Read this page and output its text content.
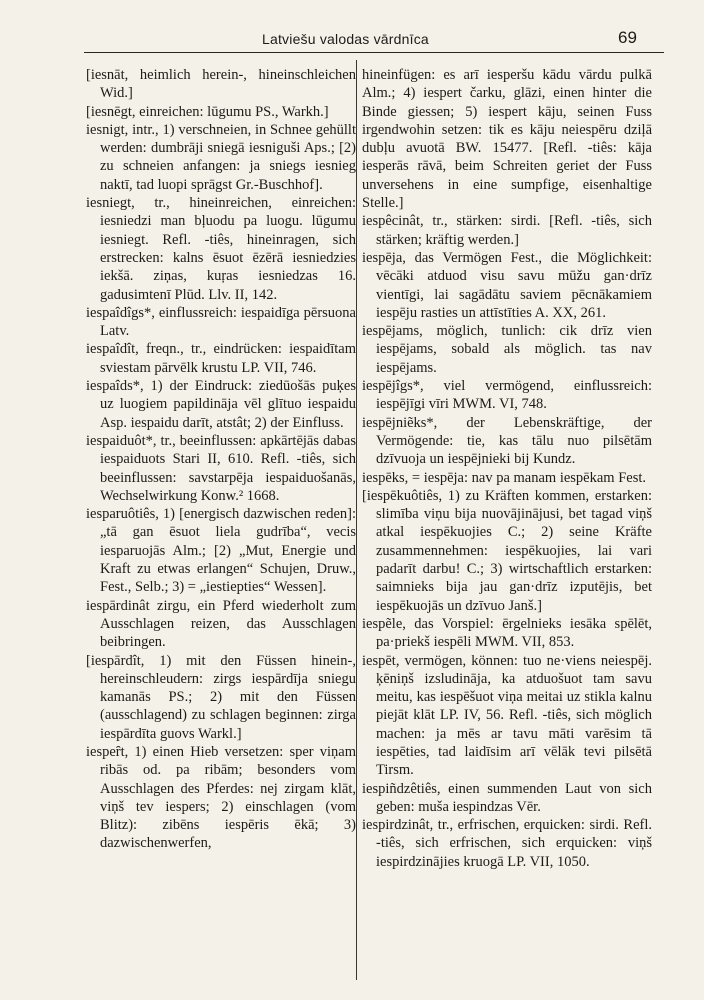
Latviešu valodas vārdnīca	69

[iesnāt, heimlich herein-, hineinschleichen Wid.]

[iesnēgt, einreichen: lūgumu PS., Warkh.]

iesnigt, intr., 1) verschneien, in Schnee gehüllt werden: dumbrāji sniegā iesniguši Aps.; [2) zu schneien anfangen: ja sniegs iesnieg naktī, tad luopi sprāgst Gr.-Buschhof].

iesniegt, tr., hineinreichen, einreichen: iesniedzi man bļuodu pa luogu. lūgumu iesniegt. Refl. -tiês, hineinragen, sich erstrecken: kalns ēsuot ēzērā iesniedzies iekšā. ziņas, kuŗas iesniedzas 16. gadusimtenī Plūd. Llv. II, 142.

iespaîdîgs*, einflussreich: iespaidīga pērsuona Latv.

iespaîdît, freqn., tr., eindrücken: iespaidītam sviestam pārvēlk krustu LP. VII, 746.

iespaîds*, 1) der Eindruck: ziedūošās puķes uz luogiem papildināja vēl glītuo iespaidu Asp. iespaidu darīt, atstât; 2) der Einfluss.

iespaiduôt*, tr., beeinflussen: apkārtējās dabas iespaiduots Stari II, 610. Refl. -tiês, sich beeinflussen: savstarpēja iespaiduošanās, Wechselwirkung Konw.² 1668.

iesparuôtiês, 1) [energisch dazwischen reden]: „tā gan ēsuot liela gudrība“, vecis iesparuojās Alm.; [2) „Mut, Energie und Kraft zu etwas erlangen“ Schujen, Druw., Fest., Selb.; 3) = „iestiepties“ Wessen].

iespārdinât zirgu, ein Pferd wiederholt zum Ausschlagen reizen, das Ausschlagen beibringen.

[iespārdît, 1) mit den Füssen hinein-, hereinschleudern: zirgs iespārdīja sniegu kamanās PS.; 2) mit den Füssen (ausschlagend) zu schlagen beginnen: zirga iespārdīta guovs Warkl.]

iespeȓt, 1) einen Hieb versetzen: sper viņam ribās od. pa ribām; besonders vom Ausschlagen des Pferdes: nej zirgam klāt, viņš tev iespers; 2) einschlagen (vom Blitz): zibēns iespēris ēkā; 3) dazwischenwerfen,

hineinfügen: es arī iesperšu kādu vārdu pulkā Alm.; 4) iespert čarku, glāzi, einen hinter die Binde giessen; 5) iespert kāju, seinen Fuss irgendwohin setzen: tik es kāju neiespēru dziļā dubļu avuotā BW. 15477. [Refl. -tiês: kāja iesperās rāvā, beim Schreiten geriet der Fuss unversehens in eine sumpfige, eisenhaltige Stelle.]

iespêcinât, tr., stärken: sirdi. [Refl. -tiês, sich stärken; kräftig werden.]

iespēja, das Vermögen Fest., die Möglichkeit: vēcāki atduod visu savu mūžu gan·drīz vientīgi, lai sagādātu saviem pēcnākamiem iespēju rasties un attīstīties A. XX, 261.

iespējams, möglich, tunlich: cik drīz vien iespējams, sobald als möglich. tas nav iespējams.

iespējîgs*, viel vermögend, einflussreich: iespējīgi vīri MWM. VI, 748.

iespējniẽks*, der Lebenskräftige, der Vermögende: tie, kas tālu nuo pilsētām dzīvuoja un iespējnieki bij Kundz.

iespēks, = iespēja: nav pa manam iespēkam Fest.

[iespēkuôtiês, 1) zu Kräften kommen, erstarken: slimība viņu bija nuovājinājusi, bet tagad viņš atkal iespēkuojies C.; 2) seine Kräfte zusammennehmen: iespēkuojies, lai vari padarīt darbu! C.; 3) wirtschaftlich erstarken: saimnieks bija jau gan·drīz izputējis, bet iespēkuojās un dzīvuo Janš.]

iespẽle, das Vorspiel: ērgelnieks iesāka spēlēt, pa·priekš iespēli MWM. VII, 853.

iespēt, vermögen, können: tuo ne·viens neiespēj. ķēniņš izsludināja, ka atduošuot tam savu meitu, kas iespēšuot viņa meitai uz stikla kalnu piejāt klāt LP. IV, 56. Refl. -tiês, sich möglich machen: ja mēs ar tavu māti varēsim tā iespēties, tad laidīsim arī vēlāk tevi pilsētā Tirsm.

iespiñdzêtiês, einen summenden Laut von sich geben: muša iespindzas Vēr.

iespirdzinât, tr., erfrischen, erquicken: sirdi. Refl. -tiês, sich erfrischen, sich erquicken: viņš iespirdzinājies kruogā LP. VII, 1050.
